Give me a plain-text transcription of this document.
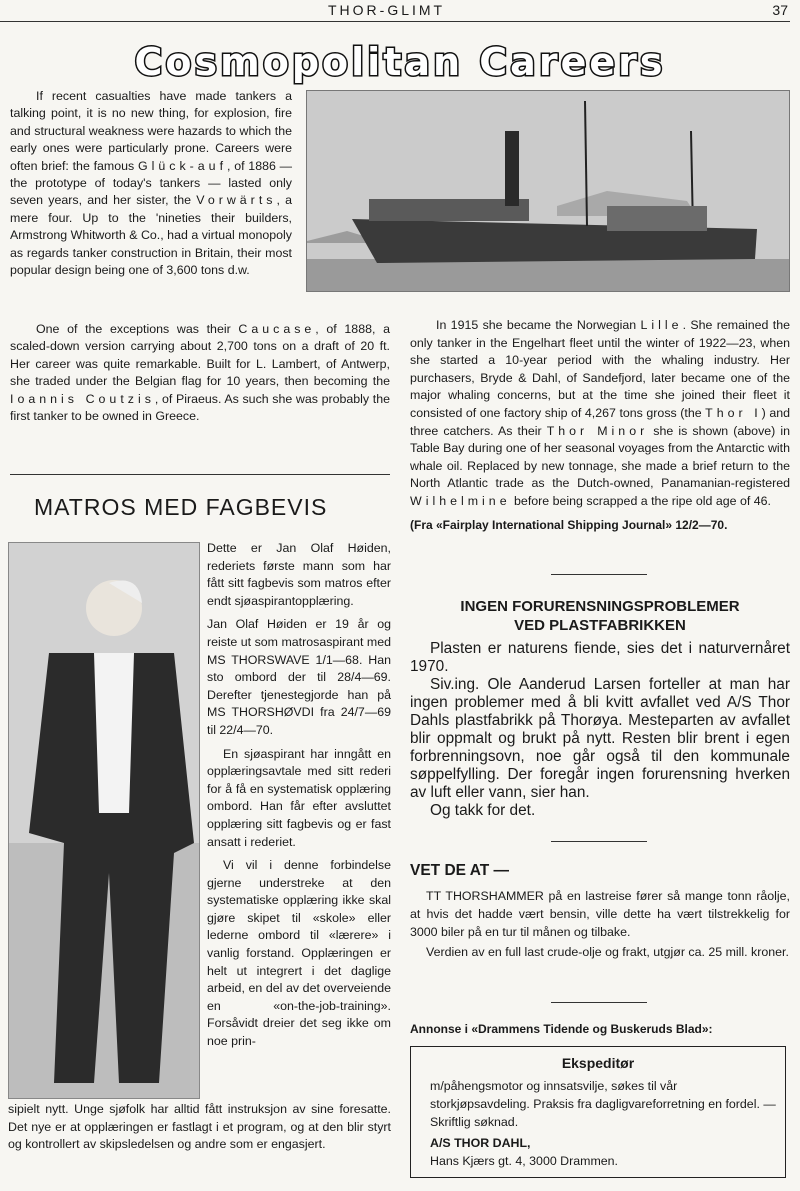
THOR-GLIMT	37
Cosmopolitan Careers

If recent casualties have made tankers a talking point, it is no new thing, for explosion, fire and structural weakness were hazards to which the early ones were particularly prone. Careers were often brief: the famous Glück-auf, of 1886 — the prototype of today's tankers — lasted only seven years, and her sister, the Vorwärts, a mere four. Up to the 'nineties their builders, Armstrong Whitworth & Co., had a virtual monopoly as regards tanker construction in Britain, their most popular design being one of 3,600 tons d.w.

One of the exceptions was their Caucase, of 1888, a scaled-down version carrying about 2,700 tons on a draft of 20 ft. Her career was quite remarkable. Built for L. Lambert, of Antwerp, she traded under the Belgian flag for 10 years, then becoming the Ioannis Coutzis, of Piraeus. As such she was probably the first tanker to be owned in Greece.

MATROS MED FAGBEVIS

Dette er Jan Olaf Høiden, rederiets første mann som har fått sitt fagbevis som matros efter endt sjøaspirantopplæring.

Jan Olaf Høiden er 19 år og reiste ut som matrosaspirant med MS THORSWAVE 1/1—68. Han sto ombord der til 28/4—69. Derefter tjenestegjorde han på MS THORSHØVDI fra 24/7—69 til 22/4—70.

En sjøaspirant har inngått en opplæringsavtale med sitt rederi for å få en systematisk opplæring ombord. Han får efter avsluttet opplæring sitt fagbevis og er fast ansatt i rederiet.

Vi vil i denne forbindelse gjerne understreke at den systematiske opplæring ikke skal gjøre skipet til «skole» eller lederne ombord til «lærere» i vanlig forstand. Opplæringen er helt ut integrert i det daglige arbeid, en del av det overveiende en «on-the-job-training». Forsåvidt dreier det seg ikke om noe prin-

sipielt nytt. Unge sjøfolk har alltid fått instruksjon av sine foresatte. Det nye er at opplæringen er fastlagt i et program, og at den blir styrt og kontrollert av skipsledelsen og andre som er engasjert.

In 1915 she became the Norwegian Lille. She remained the only tanker in the Engelhart fleet until the winter of 1922—23, when she started a 10-year period with the whaling industry. Her purchasers, Bryde & Dahl, of Sandefjord, later became one of the major whaling concerns, but at the time she joined their fleet it consisted of one factory ship of 4,267 tons gross (the Thor I) and three catchers. As their Thor Minor she is shown (above) in Table Bay during one of her seasonal voyages from the Antarctic with whale oil. Replaced by new tonnage, she made a brief return to the North Atlantic trade as the Dutch-owned, Panamanian-registered Wilhelmine before being scrapped a the ripe old age of 46.

(Fra «Fairplay International Shipping Journal» 12/2—70.

INGEN FORURENSNINGSPROBLEMER
VED PLASTFABRIKKEN

Plasten er naturens fiende, sies det i naturvernåret 1970.

Siv.ing. Ole Aanderud Larsen forteller at man har ingen problemer med å bli kvitt avfallet ved A/S Thor Dahls plastfabrikk på Thorøya. Mesteparten av avfallet blir oppmalt og brukt på nytt. Resten blir brent i egen forbrenningsovn, noe går også til den kommunale søppelfylling. Der foregår ingen forurensning hverken av luft eller vann, sier han.

Og takk for det.

VET DE AT —

TT THORSHAMMER på en lastreise fører så mange tonn råolje, at hvis det hadde vært bensin, ville dette ha vært tilstrekkelig for 3000 biler på en tur til månen og tilbake.

Verdien av en full last crude-olje og frakt, utgjør ca. 25 mill. kroner.

Annonse i «Drammens Tidende og Buskeruds Blad»:
Ekspeditør
m/påhengsmotor og innsatsvilje, søkes til vår storkjøpsavdeling. Praksis fra dagligvareforretning en fordel. — Skriftlig søknad.
A/S THOR DAHL,
Hans Kjærs gt. 4, 3000 Drammen.
